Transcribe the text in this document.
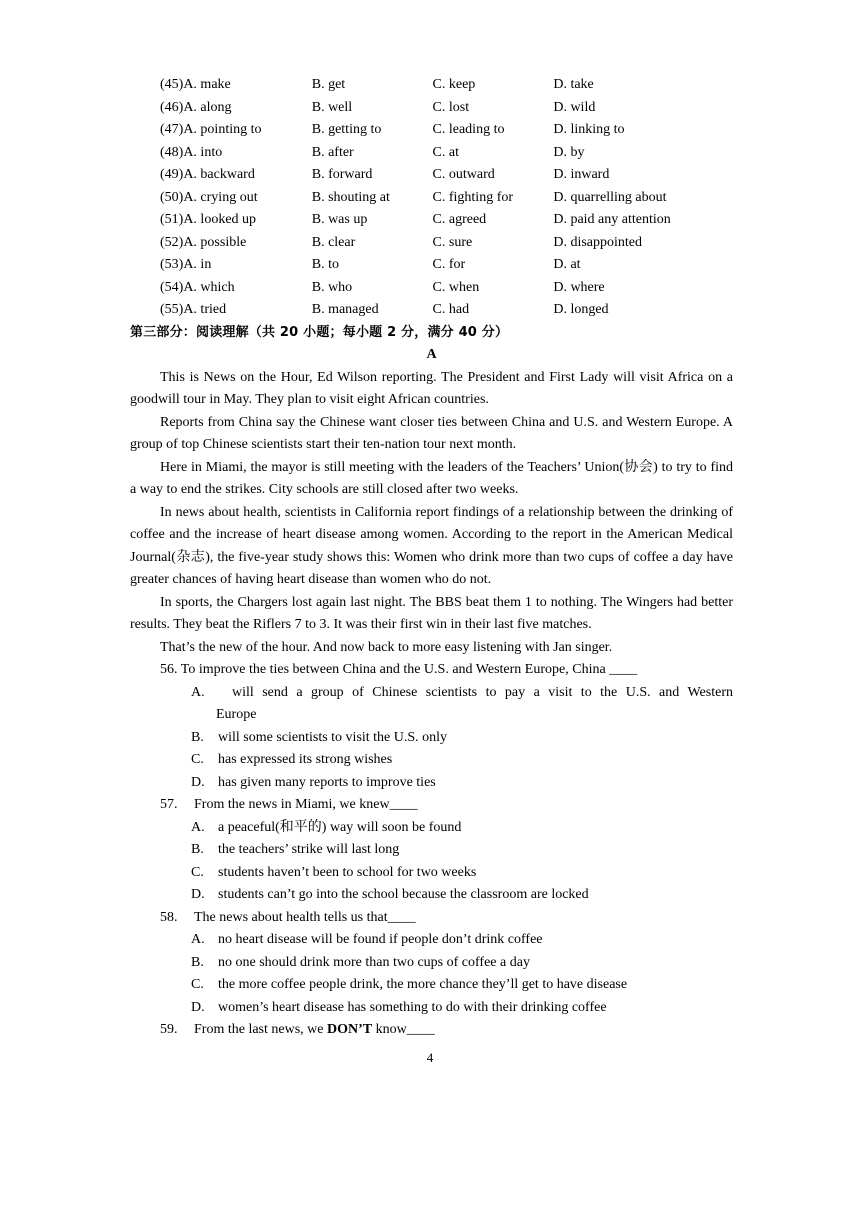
(45)A. make	B. get	C. keep	D. take
(46)A. along	B. well	C. lost	D. wild
(47)A. pointing to	B. getting to	C. leading to	D. linking to
(48)A. into	B. after	C. at	D. by
(49)A. backward	B. forward	C. outward	D. inward
(50)A. crying out	B. shouting at	C. fighting for	D. quarrelling about
(51)A. looked up	B. was up	C. agreed	D. paid any attention
(52)A. possible	B. clear	C. sure	D. disappointed
(53)A. in	B. to	C. for	D. at
(54)A. which	B. who	C. when	D. where
(55)A. tried	B. managed	C. had	D. longed
第三部分：阅读理解（共 20 小题；每小题 2 分，满分 40 分）
A

This is News on the Hour, Ed Wilson reporting. The President and First Lady will visit Africa on a goodwill tour in May. They plan to visit eight African countries.

Reports from China say the Chinese want closer ties between China and U.S. and Western Europe. A group of top Chinese scientists start their ten-nation tour next month.

Here in Miami, the mayor is still meeting with the leaders of the Teachers’ Union(协会) to try to find a way to end the strikes. City schools are still closed after two weeks.

In news about health, scientists in California report findings of a relationship between the drinking of coffee and the increase of heart disease among women. According to the report in the American Medical Journal(杂志), the five-year study shows this: Women who drink more than two cups of coffee a day have greater chances of having heart disease than women who do not.

In sports, the Chargers lost again last night. The BBS beat them 1 to nothing. The Wingers had better results. They beat the Riflers 7 to 3. It was their first win in their last five matches.

That’s the new of the hour. And now back to more easy listening with Jan singer.

56. To improve the ties between China and the U.S. and Western Europe, China ____

A.	will send a group of Chinese scientists to pay a visit to the U.S. and Western
Europe

B. will some scientists to visit the U.S. only

C. has expressed its strong wishes

D. has given many reports to improve ties

57. From the news in Miami, we knew____

A. a peaceful(和平的) way will soon be found

B. the teachers’ strike will last long

C. students haven’t been to school for two weeks

D. students can’t go into the school because the classroom are locked

58. The news about health tells us that____

A. no heart disease will be found if people don’t drink coffee

B. no one should drink more than two cups of coffee a day

C. the more coffee people drink, the more chance they’ll get to have disease

D. women’s heart disease has something to do with their drinking coffee

59. From the last news, we DON’T know____

4
